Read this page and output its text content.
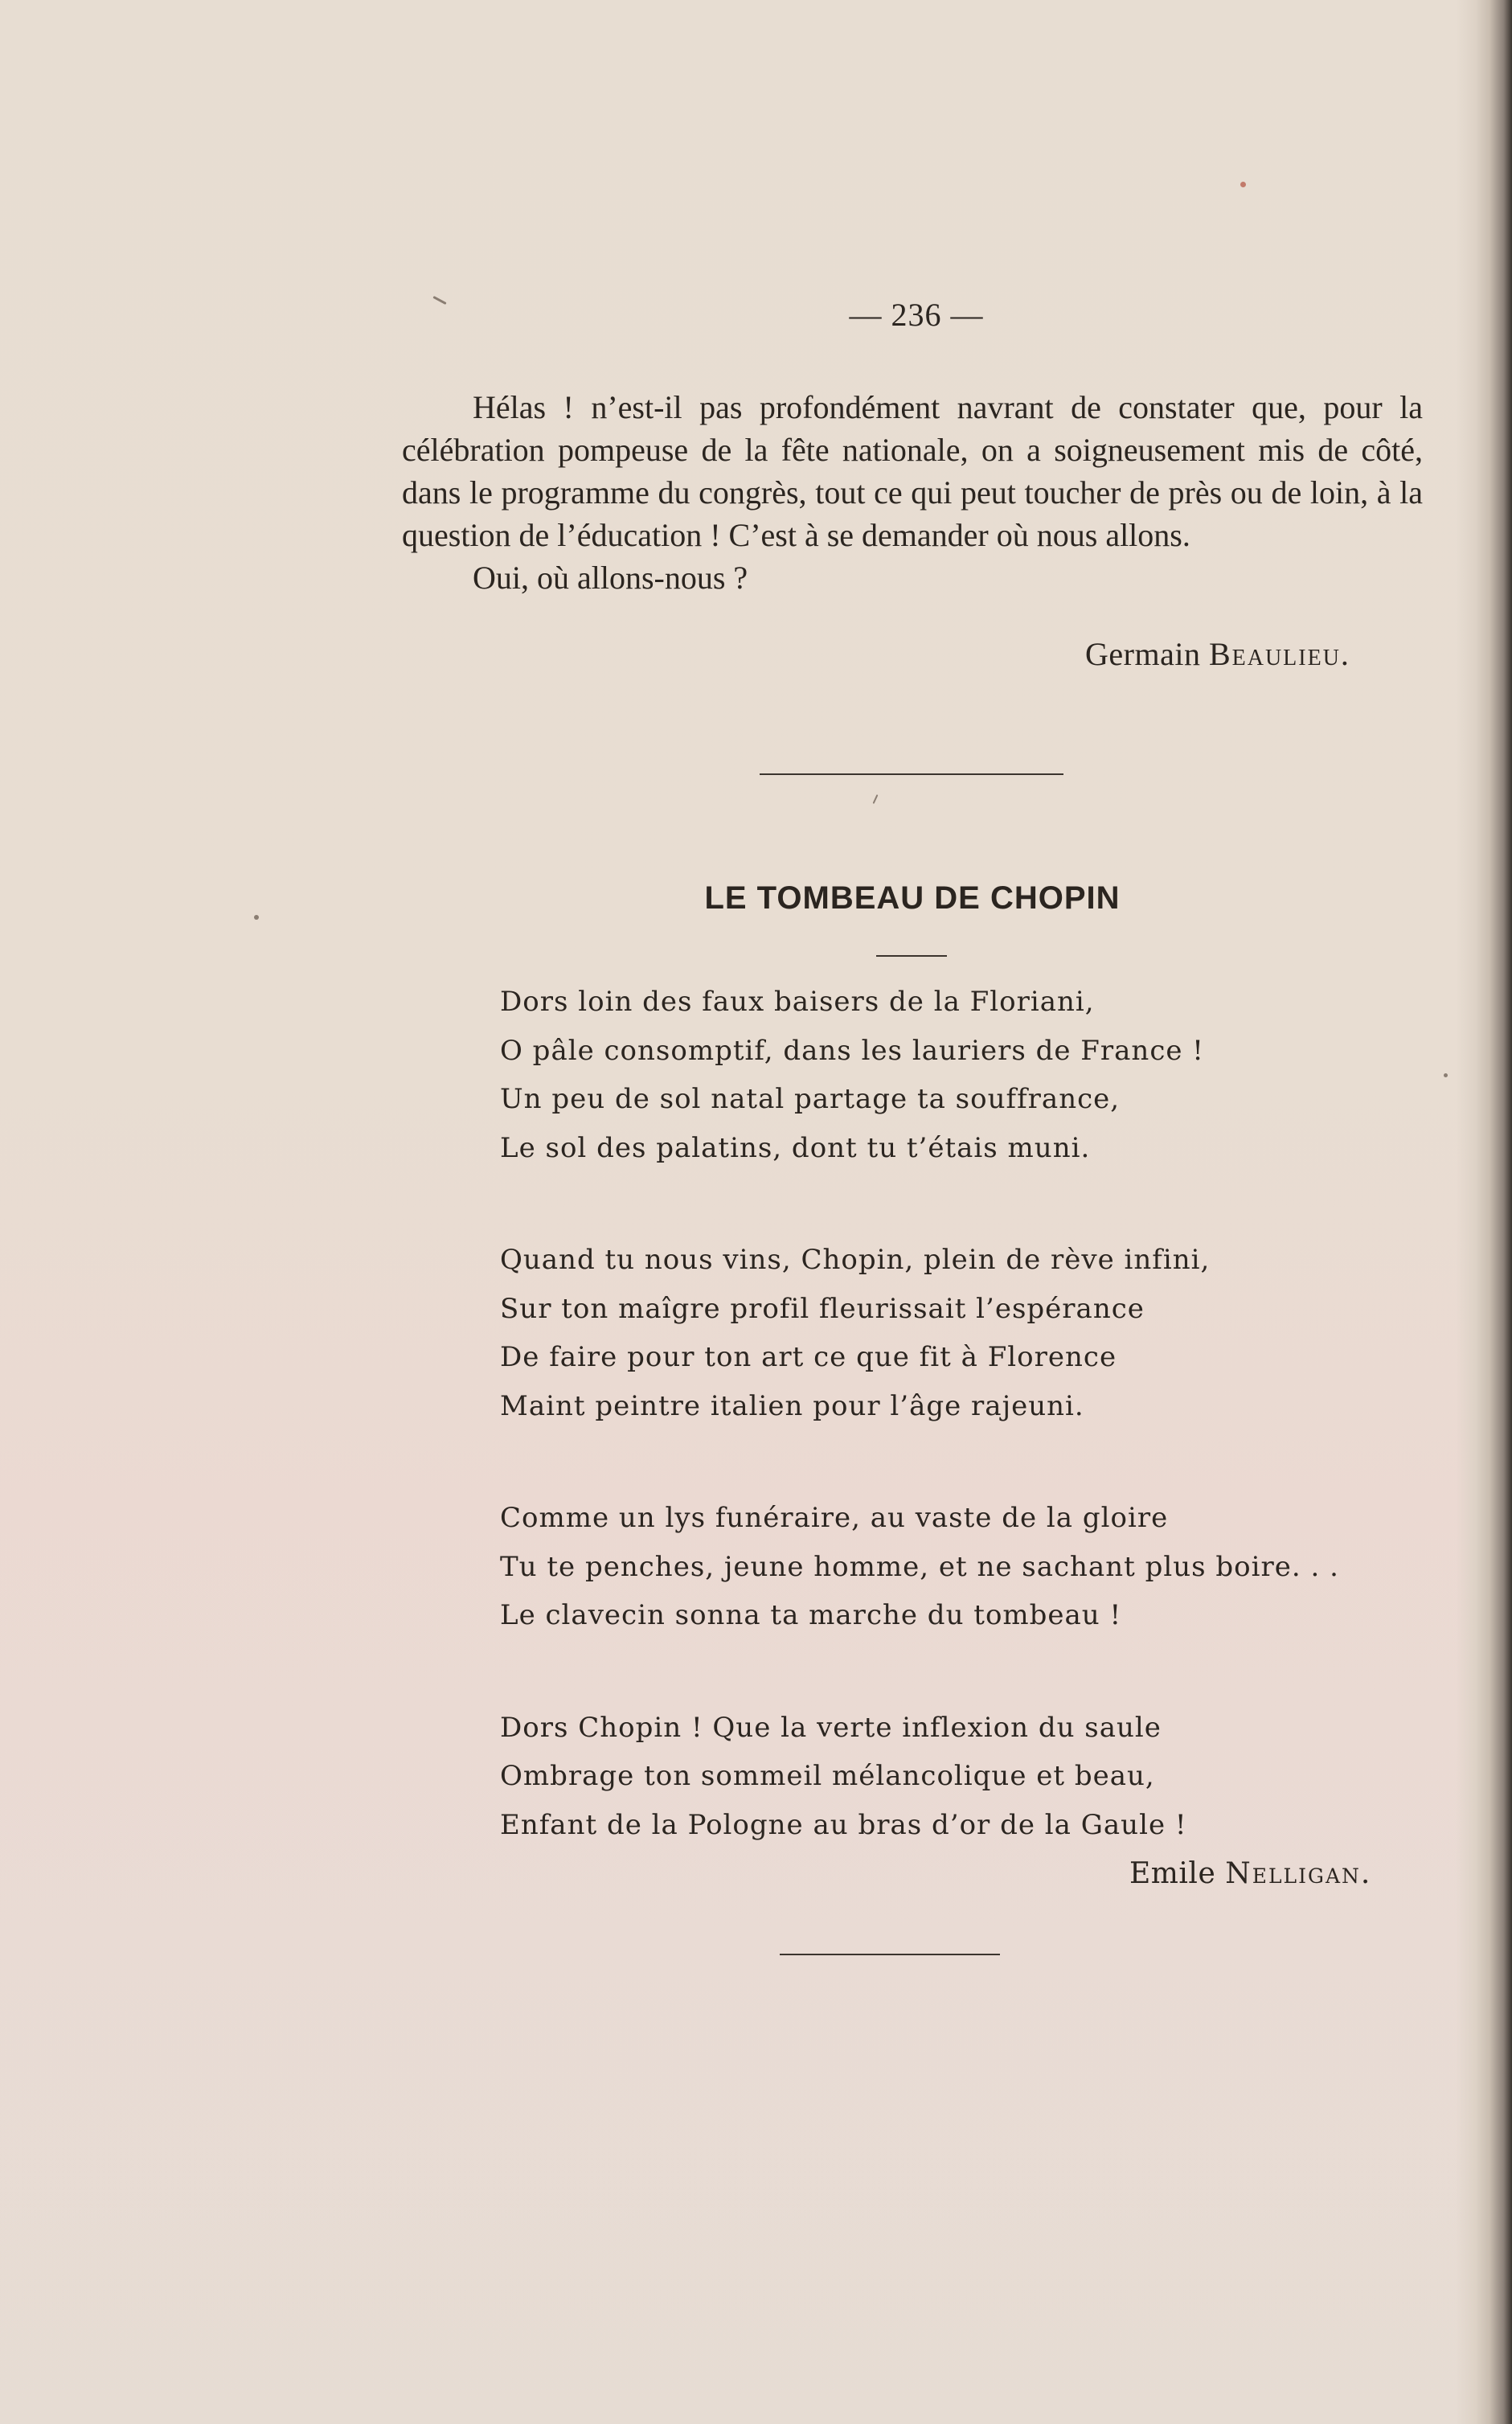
— 236 —

Hélas ! n’est-il pas profondément navrant de constater que, pour la célébration pompeuse de la fête nationale, on a soigneusement mis de côté, dans le programme du congrès, tout ce qui peut toucher de près ou de loin, à la question de l’éducation ! C’est à se demander où nous allons.

Oui, où allons-nous ?

Germain Beaulieu.
LE TOMBEAU DE CHOPIN
Dors loin des faux baisers de la Floriani,
O pâle consomptif, dans les lauriers de France !
Un peu de sol natal partage ta souffrance,
Le sol des palatins, dont tu t’étais muni.
Quand tu nous vins, Chopin, plein de rève infini,
Sur ton maîgre profil fleurissait l’espérance
De faire pour ton art ce que fit à Florence
Maint peintre italien pour l’âge rajeuni.
Comme un lys funéraire, au vaste de la gloire
Tu te penches, jeune homme, et ne sachant plus boire. . .
Le clavecin sonna ta marche du tombeau !
Dors Chopin ! Que la verte inflexion du saule
Ombrage ton sommeil mélancolique et beau,
Enfant de la Pologne au bras d’or de la Gaule !
Emile Nelligan.
